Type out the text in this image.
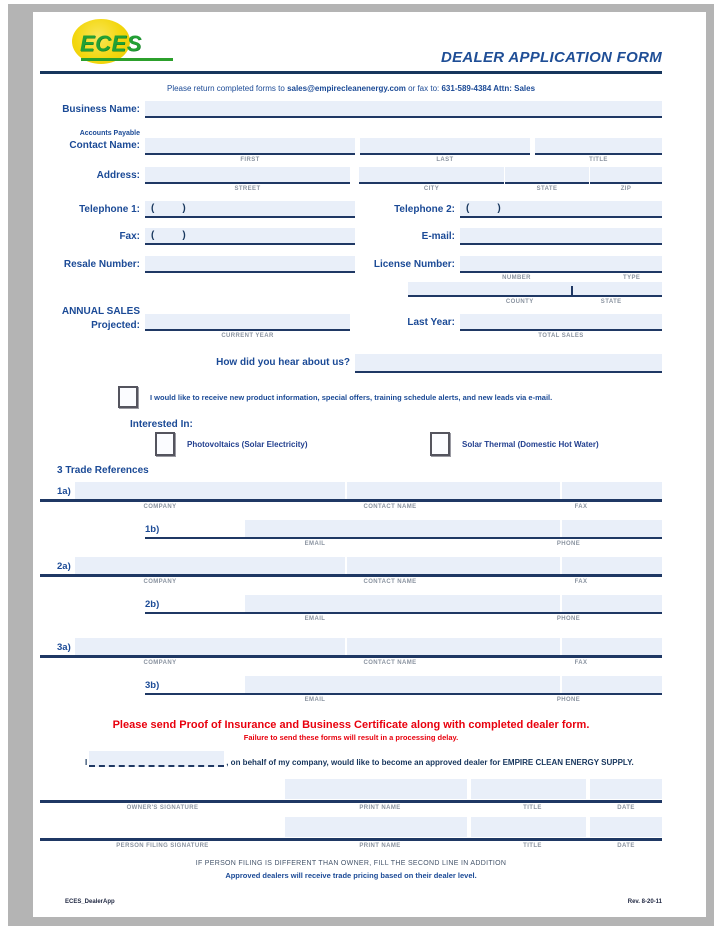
ECES
DEALER APPLICATION FORM
Please return completed forms to sales@empirecleanenergy.com or fax to: 631-589-4384 Attn: Sales
Business Name:
Accounts Payable
Contact Name:
FIRST	LAST	TITLE
Address:
STREET	CITY	STATE	ZIP
Telephone 1:	(	)	Telephone 2:	(	)
Fax:	(	)	E-mail:
Resale Number:	License Number:
NUMBER	TYPE
COUNTY	STATE
ANNUAL SALES
Projected:
CURRENT YEAR
Last Year:
TOTAL SALES
How did you hear about us?
I would like to receive new product information, special offers, training schedule alerts, and new leads via e-mail.
Interested In:
Photovoltaics (Solar Electricity)	Solar Thermal (Domestic Hot Water)
3 Trade References
1a)
COMPANY	CONTACT NAME	FAX
1b)
EMAIL	PHONE
2a)
COMPANY	CONTACT NAME	FAX
2b)
EMAIL	PHONE
3a)
COMPANY	CONTACT NAME	FAX
3b)
EMAIL	PHONE
Please send Proof of Insurance and Business Certificate along with completed dealer form.
Failure to send these forms will result in a processing delay.
I	, on behalf of my company, would like to become an approved dealer for
EMPIRE CLEAN ENERGY SUPPLY.
OWNER'S SIGNATURE	PRINT NAME	TITLE	DATE
PERSON FILING SIGNATURE	PRINT NAME	TITLE	DATE
IF PERSON FILING IS DIFFERENT THAN OWNER, FILL THE SECOND LINE IN ADDITION
Approved dealers will receive trade pricing based on their dealer level.
ECES_DealerApp	Rev. 8-20-11
